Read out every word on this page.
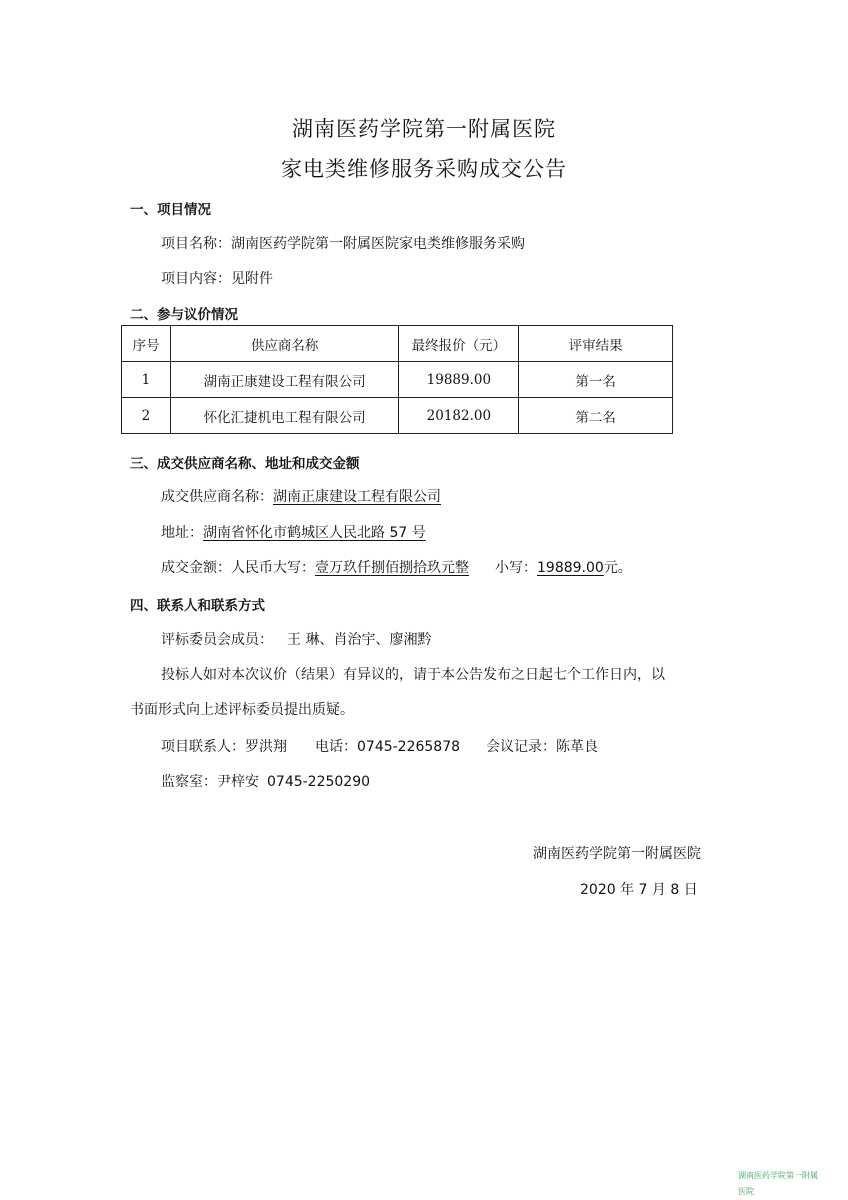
湖南医药学院第一附属医院
家电类维修服务采购成交公告
一、项目情况
项目名称：湖南医药学院第一附属医院家电类维修服务采购
项目内容：见附件
二、参与议价情况
序号	供应商名称	最终报价（元）	评审结果
1	湖南正康建设工程有限公司	19889.00	第一名
2	怀化汇捷机电工程有限公司	20182.00	第二名
三、成交供应商名称、地址和成交金额
成交供应商名称：湖南正康建设工程有限公司
地址：湖南省怀化市鹤城区人民北路 57 号
成交金额：人民币大写：壹万玖仟捌佰捌拾玖元整 小写：19889.00元。
四、联系人和联系方式
评标委员会成员： 王 琳、肖治宇、廖湘黔
投标人如对本次议价（结果）有异议的，请于本公告发布之日起七个工作日内，以
书面形式向上述评标委员提出质疑。
项目联系人：罗洪翔 电话：0745-2265878 会议记录：陈革良
监察室：尹梓安 0745-2250290
湖南医药学院第一附属医院
2020 年 7 月 8 日
湖南医药学院第一附属医院
